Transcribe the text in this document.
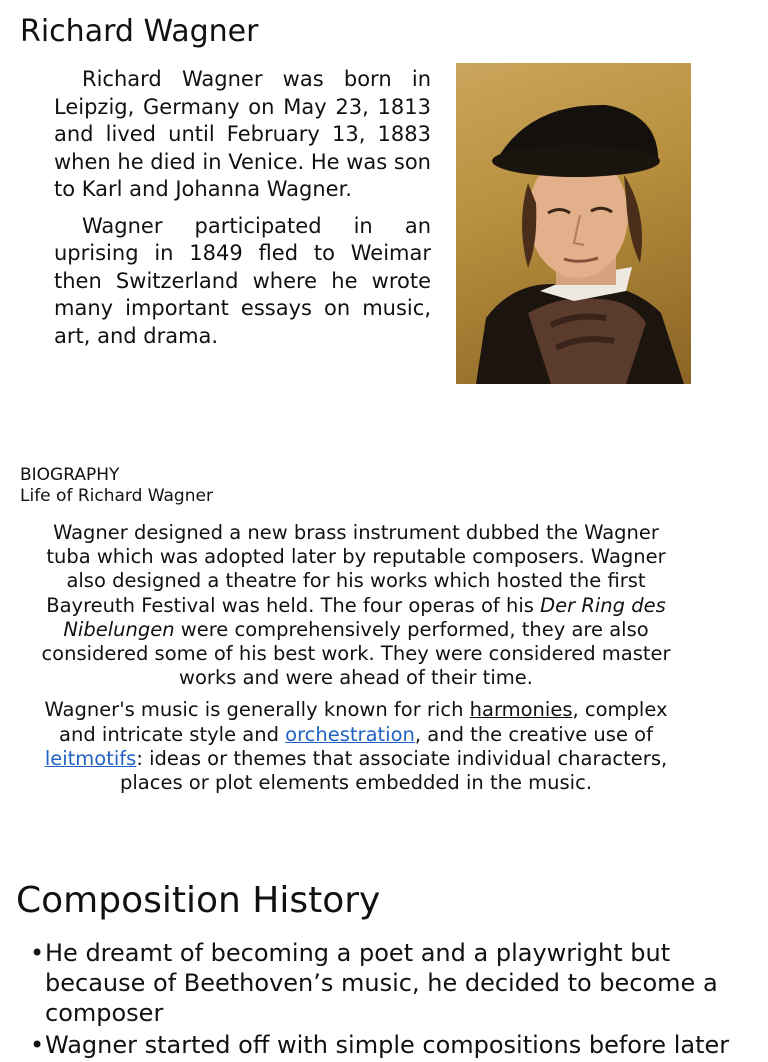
Richard Wagner

Richard Wagner was born in Leipzig, Germany on May 23, 1813 and lived until February 13, 1883 when he died in Venice. He was son to Karl and Johanna Wagner.

Wagner participated in an uprising in 1849 fled to Weimar then Switzerland where he wrote many important essays on music, art, and drama.

BIOGRAPHY
Life of Richard Wagner

Wagner designed a new brass instrument dubbed the Wagner tuba which was adopted later by reputable composers. Wagner also designed a theatre for his works which hosted the first Bayreuth Festival was held. The four operas of his Der Ring des Nibelungen were comprehensively performed, they are also considered some of his best work. They were considered master works and were ahead of their time.

Wagner's music is generally known for rich harmonies, complex and intricate style and orchestration, and the creative use of leitmotifs: ideas or themes that associate individual characters, places or plot elements embedded in the music.

Composition History
• He dreamt of becoming a poet and a playwright but because of Beethoven’s music, he decided to become a composer
• Wagner started off with simple compositions before later
